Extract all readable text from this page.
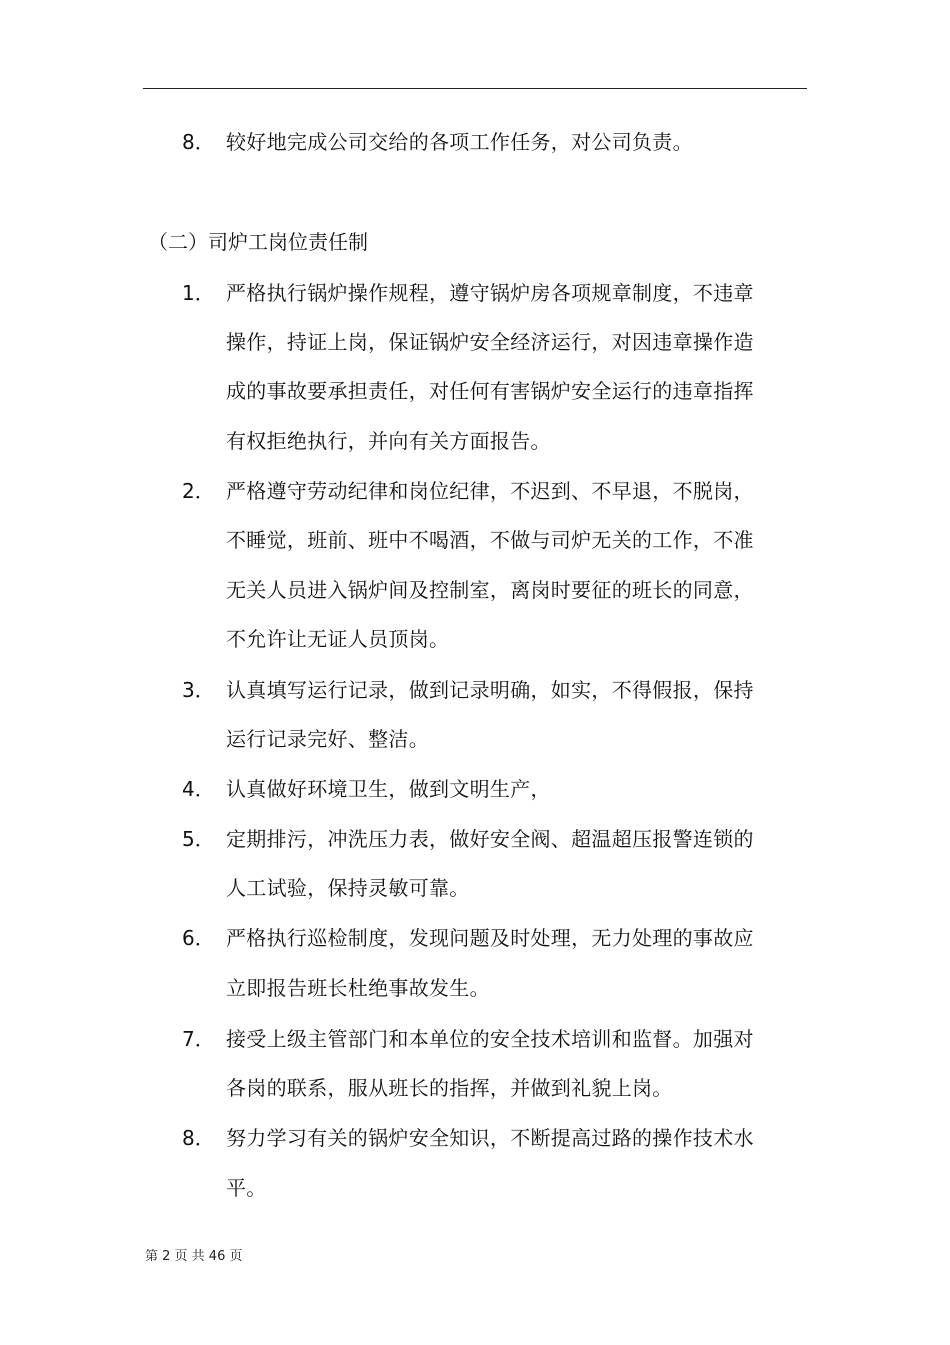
8． 较好地完成公司交给的各项工作任务，对公司负责。
（二）司炉工岗位责任制
1． 严格执行锅炉操作规程，遵守锅炉房各项规章制度，不违章
操作，持证上岗，保证锅炉安全经济运行，对因违章操作造
成的事故要承担责任，对任何有害锅炉安全运行的违章指挥
有权拒绝执行，并向有关方面报告。
2． 严格遵守劳动纪律和岗位纪律，不迟到、不早退，不脱岗，
不睡觉，班前、班中不喝酒，不做与司炉无关的工作，不准
无关人员进入锅炉间及控制室，离岗时要征的班长的同意，
不允许让无证人员顶岗。
3． 认真填写运行记录，做到记录明确，如实，不得假报，保持
运行记录完好、整洁。
4． 认真做好环境卫生，做到文明生产，
5． 定期排污，冲洗压力表，做好安全阀、超温超压报警连锁的
人工试验，保持灵敏可靠。
6． 严格执行巡检制度，发现问题及时处理，无力处理的事故应
立即报告班长杜绝事故发生。
7． 接受上级主管部门和本单位的安全技术培训和监督。加强对
各岗的联系，服从班长的指挥，并做到礼貌上岗。
8． 努力学习有关的锅炉安全知识，不断提高过路的操作技术水
平。
第 2 页 共 46 页
